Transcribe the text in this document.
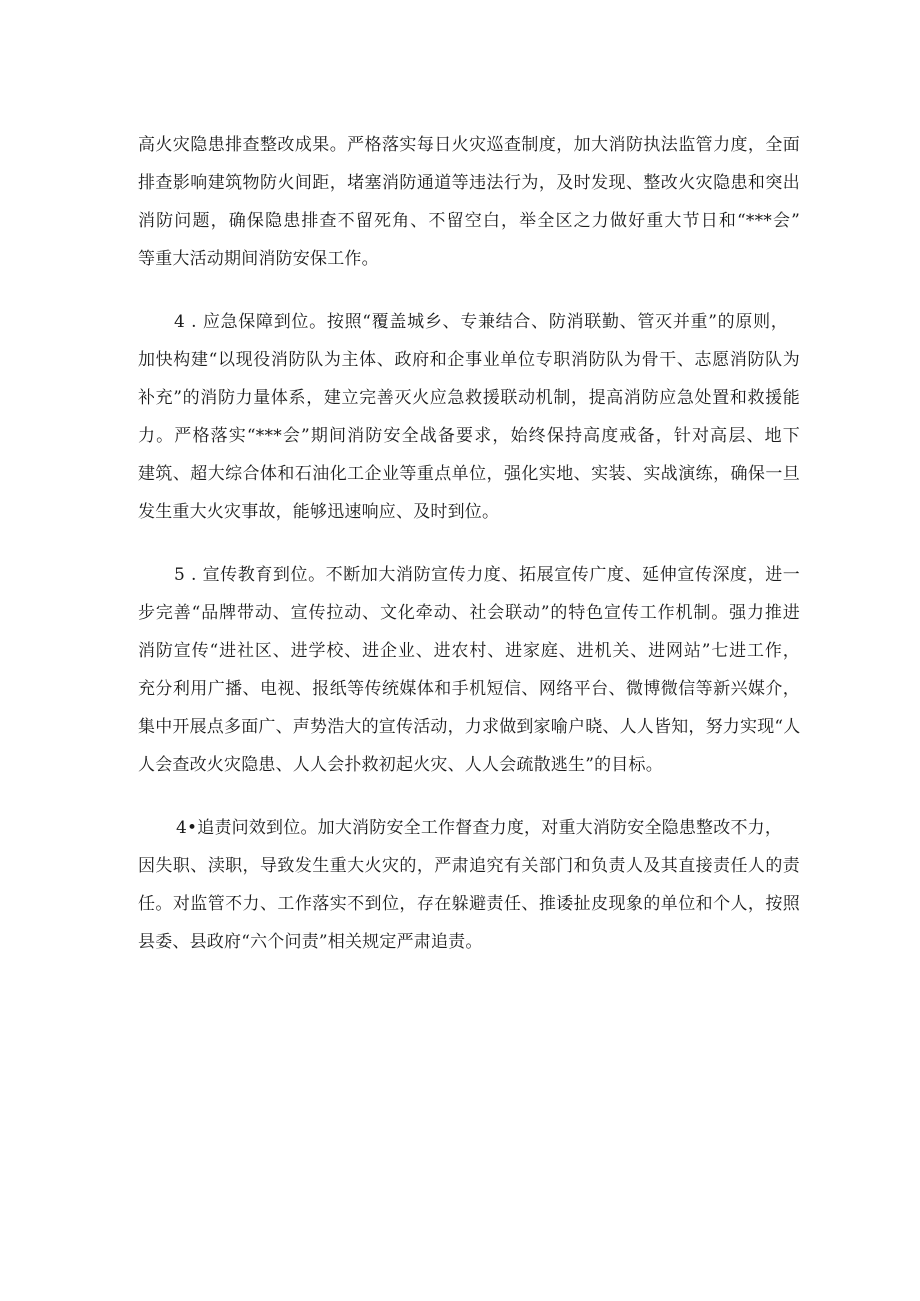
高火灾隐患排查整改成果。严格落实每日火灾巡查制度，加大消防执法监管力度，全面
排查影响建筑物防火间距，堵塞消防通道等违法行为，及时发现、整改火灾隐患和突出
消防问题，确保隐患排查不留死角、不留空白，举全区之力做好重大节日和“***会”
等重大活动期间消防安保工作。
4 . 应急保障到位。按照“覆盖城乡、专兼结合、防消联勤、管灭并重”的原则，
加快构建“以现役消防队为主体、政府和企事业单位专职消防队为骨干、志愿消防队为
补充”的消防力量体系，建立完善灭火应急救援联动机制，提高消防应急处置和救援能
力。严格落实“***会”期间消防安全战备要求，始终保持高度戒备，针对高层、地下
建筑、超大综合体和石油化工企业等重点单位，强化实地、实装、实战演练，确保一旦
发生重大火灾事故，能够迅速响应、及时到位。
5 . 宣传教育到位。不断加大消防宣传力度、拓展宣传广度、延伸宣传深度，进一
步完善“品牌带动、宣传拉动、文化牵动、社会联动”的特色宣传工作机制。强力推进
消防宣传“进社区、进学校、进企业、进农村、进家庭、进机关、进网站”七进工作，
充分利用广播、电视、报纸等传统媒体和手机短信、网络平台、微博微信等新兴媒介，
集中开展点多面广、声势浩大的宣传活动，力求做到家喻户晓、人人皆知，努力实现“人
人会查改火灾隐患、人人会扑救初起火灾、人人会疏散逃生”的目标。
4•追责问效到位。加大消防安全工作督查力度，对重大消防安全隐患整改不力，
因失职、渎职，导致发生重大火灾的，严肃追究有关部门和负责人及其直接责任人的责
任。对监管不力、工作落实不到位，存在躲避责任、推诿扯皮现象的单位和个人，按照
县委、县政府“六个问责”相关规定严肃追责。
